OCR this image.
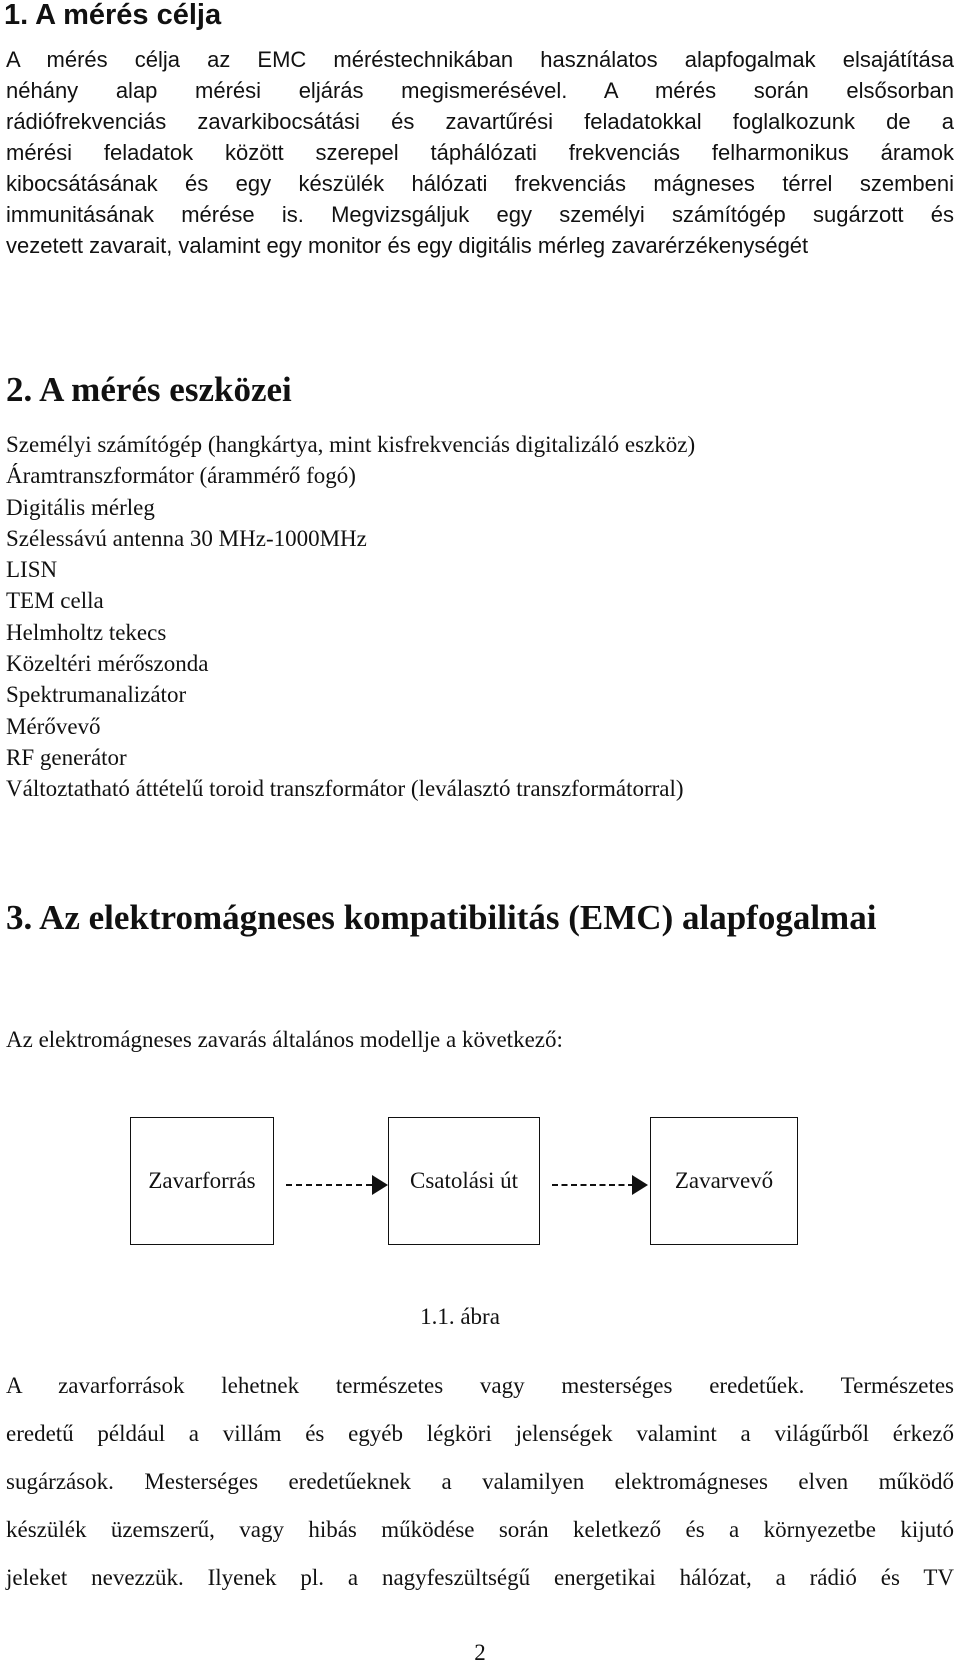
1. A mérés célja
A mérés célja az EMC méréstechnikában használatos alapfogalmak elsajátítása
néhány alap mérési eljárás megismerésével. A mérés során elsősorban
rádiófrekvenciás zavarkibocsátási és zavartűrési feladatokkal foglalkozunk de a
mérési feladatok között szerepel táphálózati frekvenciás felharmonikus áramok
kibocsátásának és egy készülék hálózati frekvenciás mágneses térrel szembeni
immunitásának mérése is. Megvizsgáljuk egy személyi számítógép sugárzott és
vezetett zavarait, valamint egy monitor és egy digitális mérleg zavarérzékenységét
2. A mérés eszközei
Személyi számítógép (hangkártya, mint kisfrekvenciás digitalizáló eszköz)
Áramtranszformátor (árammérő fogó)
Digitális mérleg
Szélessávú antenna 30 MHz-1000MHz
LISN
TEM cella
Helmholtz tekecs
Közeltéri mérőszonda
Spektrumanalizátor
Mérővevő
RF generátor
Változtatható áttételű toroid transzformátor (leválasztó transzformátorral)
3. Az elektromágneses kompatibilitás (EMC) alapfogalmai

Az elektromágneses zavarás általános modellje a következő:

Zavarforrás	Csatolási út	Zavarvevő

1.1. ábra

A zavarforrások lehetnek természetes vagy mesterséges eredetűek. Természetes
eredetű például a villám és egyéb légköri jelenségek valamint a világűrből érkező
sugárzások. Mesterséges eredetűeknek a valamilyen elektromágneses elven működő
készülék üzemszerű, vagy hibás működése során keletkező és a környezetbe kijutó
jeleket nevezzük. Ilyenek pl. a nagyfeszültségű energetikai hálózat, a rádió és TV

2
